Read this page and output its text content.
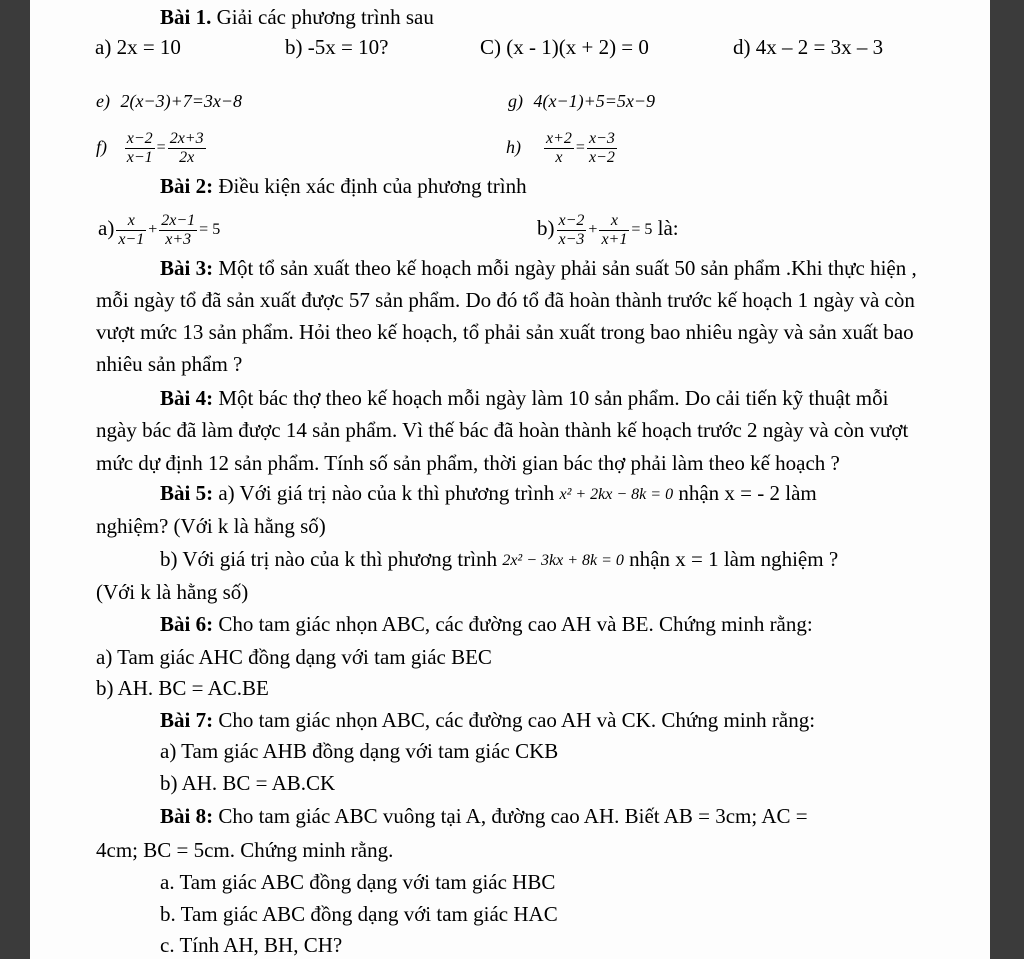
Bài 1. Giải các phương trình sau
a) 2x = 10	b) -5x = 10?	C) (x - 1)(x + 2) = 0	d) 4x – 2 = 3x – 3
e) 2(x−3)+7=3x−8	g) 4(x−1)+5=5x−9
$f) \frac{x-2}{x-1} = \frac{2x+3}{2x}$	$h) \frac{x+2}{x} = \frac{x-3}{x-2}$
Bài 2: Điều kiện xác định của phương trình
$a) \frac{x}{x-1} + \frac{2x-1}{x+3} = 5$	$b) \frac{x-2}{x-3} + \frac{x}{x+1} = 5$ là:
Bài 3: Một tổ sản xuất theo kế hoạch mỗi ngày phải sản suất 50 sản phẩm .Khi thực hiện ,
mỗi ngày tổ đã sản xuất được 57 sản phẩm. Do đó tổ đã hoàn thành trước kế hoạch 1 ngày và còn
vượt mức 13 sản phẩm. Hỏi theo kế hoạch, tổ phải sản xuất trong bao nhiêu ngày và sản xuất bao
nhiêu sản phẩm ?
Bài 4: Một bác thợ theo kế hoạch mỗi ngày làm 10 sản phẩm. Do cải tiến kỹ thuật mỗi
ngày bác đã làm được 14 sản phẩm. Vì thế bác đã hoàn thành kế hoạch trước 2 ngày và còn vượt
mức dự định 12 sản phẩm. Tính số sản phẩm, thời gian bác thợ phải làm theo kế hoạch ?
Bài 5: a) Với giá trị nào của k thì phương trình x² + 2kx − 8k = 0 nhận x = - 2 làm
nghiệm? (Với k là hằng số)
b) Với giá trị nào của k thì phương trình 2x² − 3kx + 8k = 0 nhận x = 1 làm nghiệm ?
(Với k là hằng số)
Bài 6: Cho tam giác nhọn ABC, các đường cao AH và BE. Chứng minh rằng:
a) Tam giác AHC đồng dạng với tam giác BEC
b) AH. BC = AC.BE
Bài 7: Cho tam giác nhọn ABC, các đường cao AH và CK. Chứng minh rằng:
a) Tam giác AHB đồng dạng với tam giác CKB
b) AH. BC = AB.CK
Bài 8: Cho tam giác ABC vuông tại A, đường cao AH. Biết AB = 3cm; AC =
4cm; BC = 5cm. Chứng minh rằng.
a. Tam giác ABC đồng dạng với tam giác HBC
b. Tam giác ABC đồng dạng với tam giác HAC
c. Tính AH, BH, CH?
